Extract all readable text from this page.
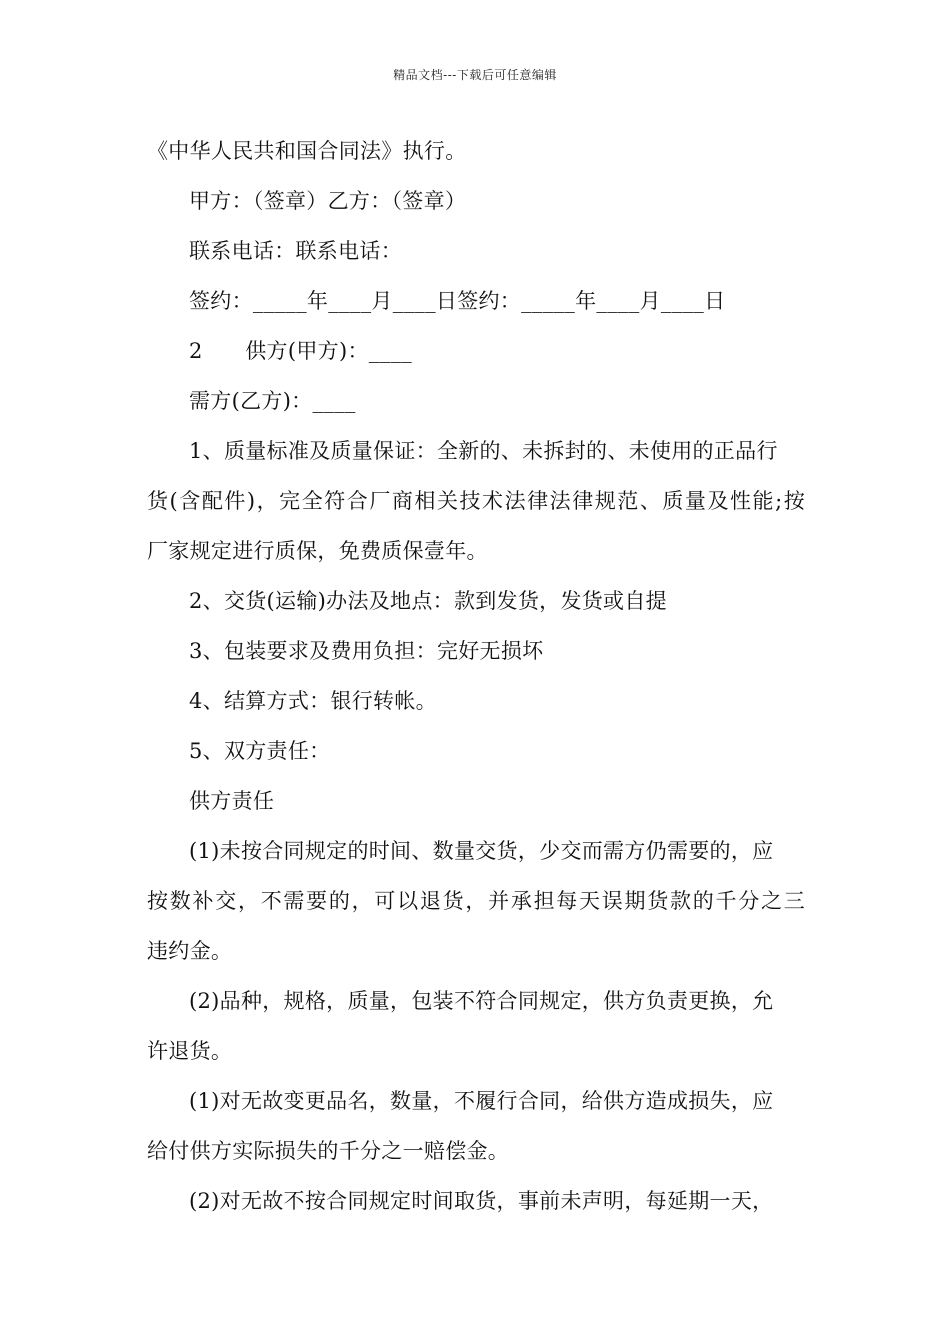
精品文档---下载后可任意编辑
《中华人民共和国合同法》执行。
甲方：（签章）乙方：（签章）
联系电话：联系电话：
签约：_____年____月____日签约：_____年____月____日
2　　供方(甲方)：____
需方(乙方)：____
1、质量标准及质量保证：全新的、未拆封的、未使用的正品行
货(含配件)，完全符合厂商相关技术法律法律规范、质量及性能;按
厂家规定进行质保，免费质保壹年。
2、交货(运输)办法及地点：款到发货，发货或自提
3、包装要求及费用负担：完好无损坏
4、结算方式：银行转帐。
5、双方责任：
供方责任
(1)未按合同规定的时间、数量交货，少交而需方仍需要的，应
按数补交，不需要的，可以退货，并承担每天误期货款的千分之三
违约金。
(2)品种，规格，质量，包装不符合同规定，供方负责更换，允
许退货。
(1)对无故变更品名，数量，不履行合同，给供方造成损失，应
给付供方实际损失的千分之一赔偿金。
(2)对无故不按合同规定时间取货，事前未声明，每延期一天，
